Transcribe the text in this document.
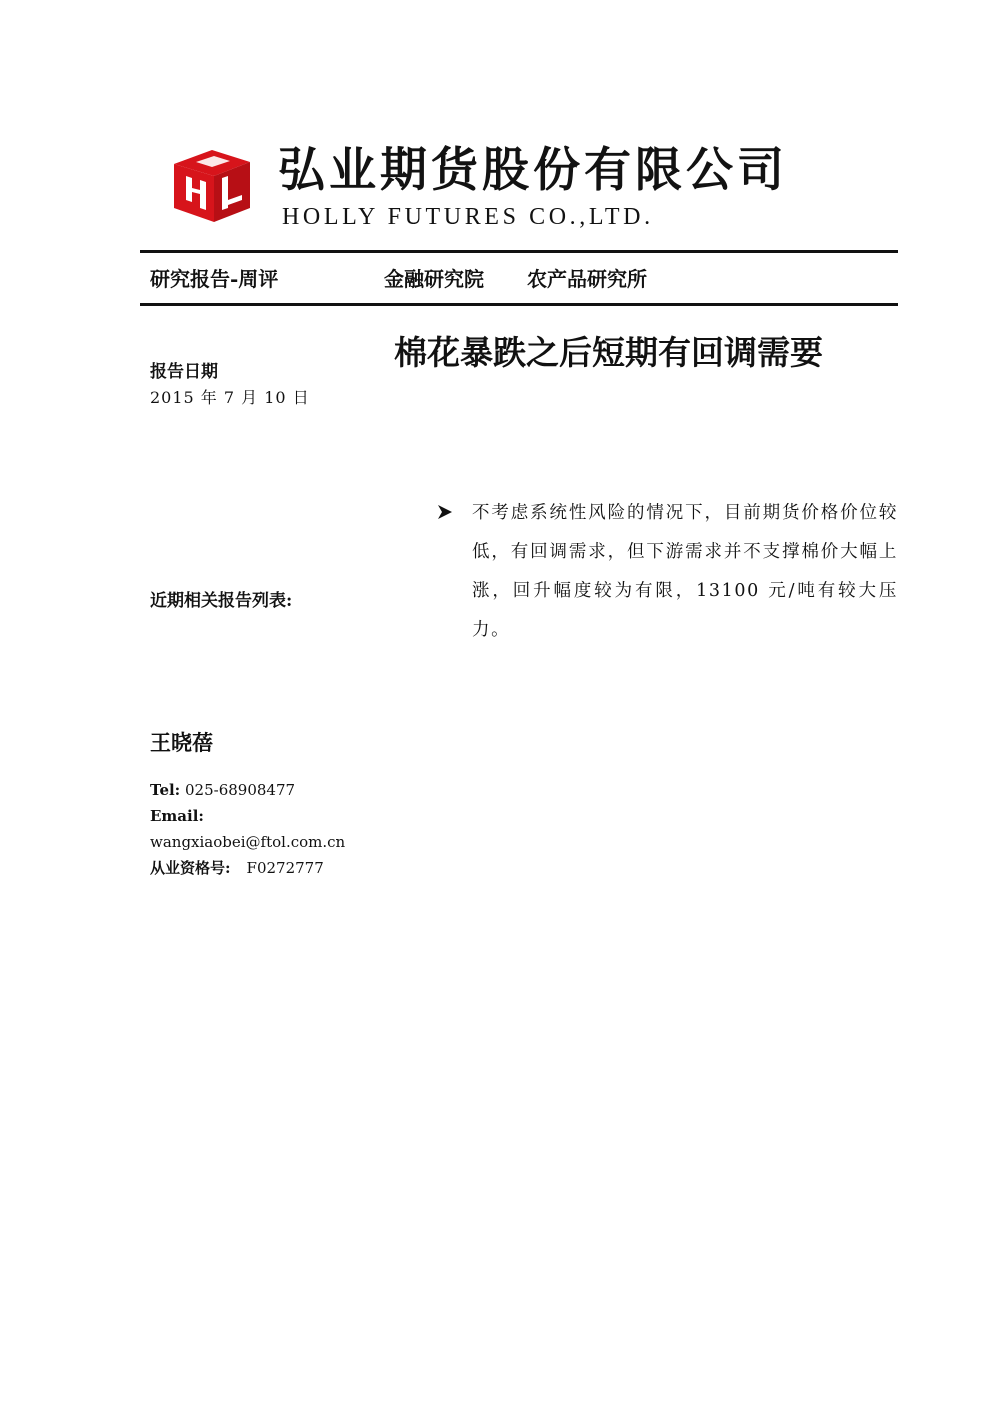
弘业期货股份有限公司
HOLLY FUTURES CO.,LTD.
研究报告-周评	金融研究院 农产品研究所
棉花暴跌之后短期有回调需要
报告日期
2015 年 7 月 10 日
不考虑系统性风险的情况下，目前期货价格价位较低，有回调需求，但下游需求并不支撑棉价大幅上涨，回升幅度较为有限，13100 元/吨有较大压力。
近期相关报告列表:
王晓蓓
Tel: 025-68908477
Email:
wangxiaobei@ftol.com.cn
从业资格号: F0272777
